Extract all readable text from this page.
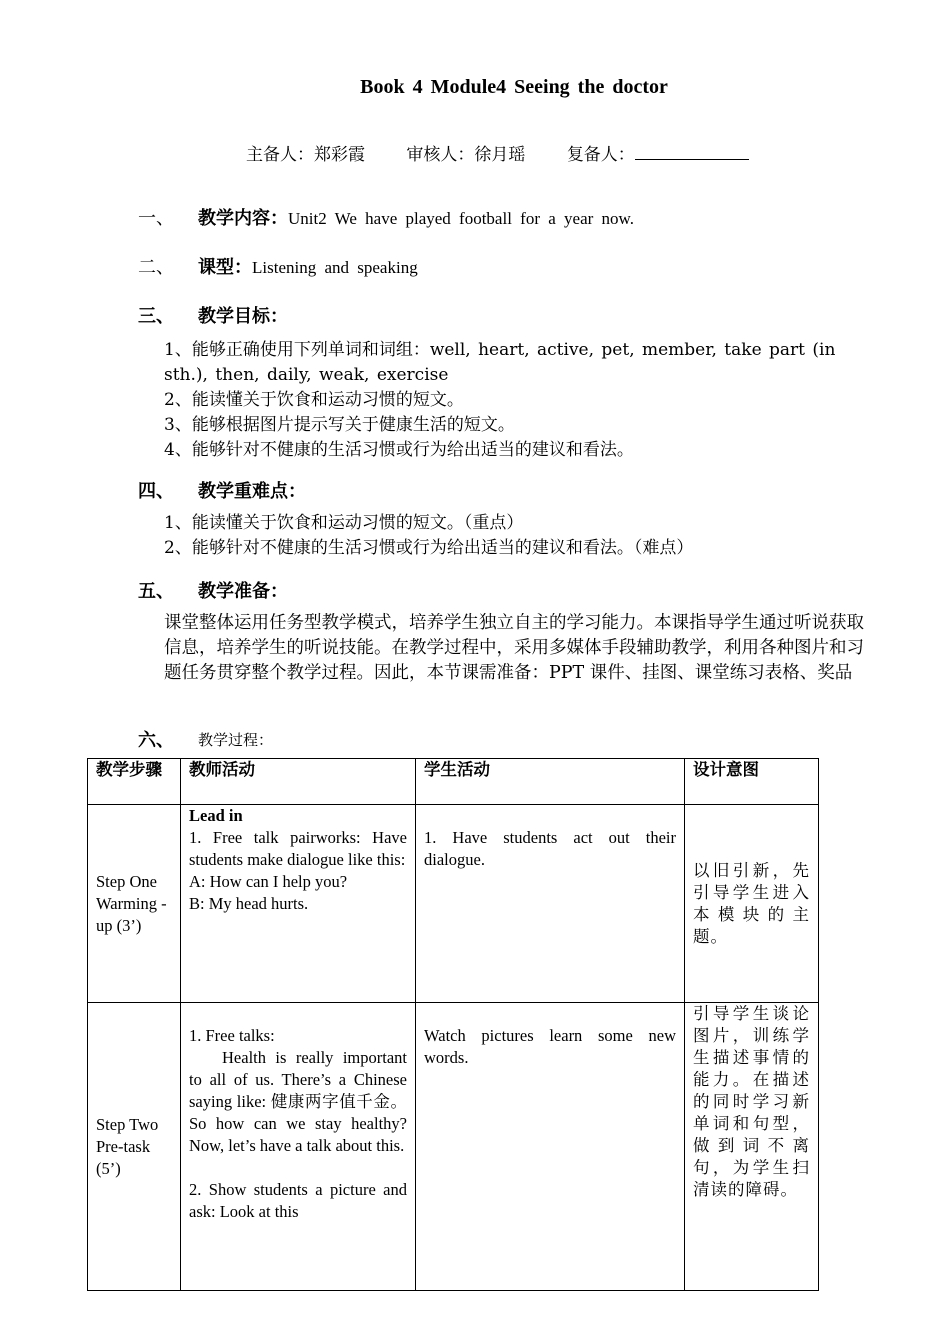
Book 4 Module4 Seeing the doctor
主备人：郑彩霞 审核人：徐月瑶 复备人：
一、 教学内容：Unit2 We have played football for a year now.
二、 课型：Listening and speaking
三、 教学目标：
1、能够正确使用下列单词和词组：well, heart, active, pet, member, take part (in
sth.), then, daily, weak, exercise
2、能读懂关于饮食和运动习惯的短文。
3、能够根据图片提示写关于健康生活的短文。
4、能够针对不健康的生活习惯或行为给出适当的建议和看法。
四、 教学重难点：
1、能读懂关于饮食和运动习惯的短文。（重点）
2、能够针对不健康的生活习惯或行为给出适当的建议和看法。（难点）
五、 教学准备：
课堂整体运用任务型教学模式，培养学生独立自主的学习能力。本课指导学生通过听说获取信息，培养学生的听说技能。在教学过程中，采用多媒体手段辅助教学，利用各种图片和习题任务贯穿整个教学过程。因此，本节课需准备：PPT 课件、挂图、课堂练习表格、奖品
六、 教学过程：
教学步骤	教师活动	学生活动	设计意图
Step One Warming -up (3’)	Lead in
1. Free talk pairworks: Have students make dialogue like this:
A: How can I help you?
B: My head hurts.	1. Have students act out their dialogue.	以旧引新，先引导学生进入本模块的主题。

Step Two Pre-task (5’)	1. Free talks:
Health is really important to all of us. There’s a Chinese saying like: 健康两字值千金。So how can we stay healthy? Now, let’s have a talk about this.
2. Show students a picture and ask: Look at this	Watch pictures learn some new words.	引导学生谈论图片，训练学生描述事情的能力。在描述的同时学习新单词和句型，做到词不离句，为学生扫清读的障碍。
